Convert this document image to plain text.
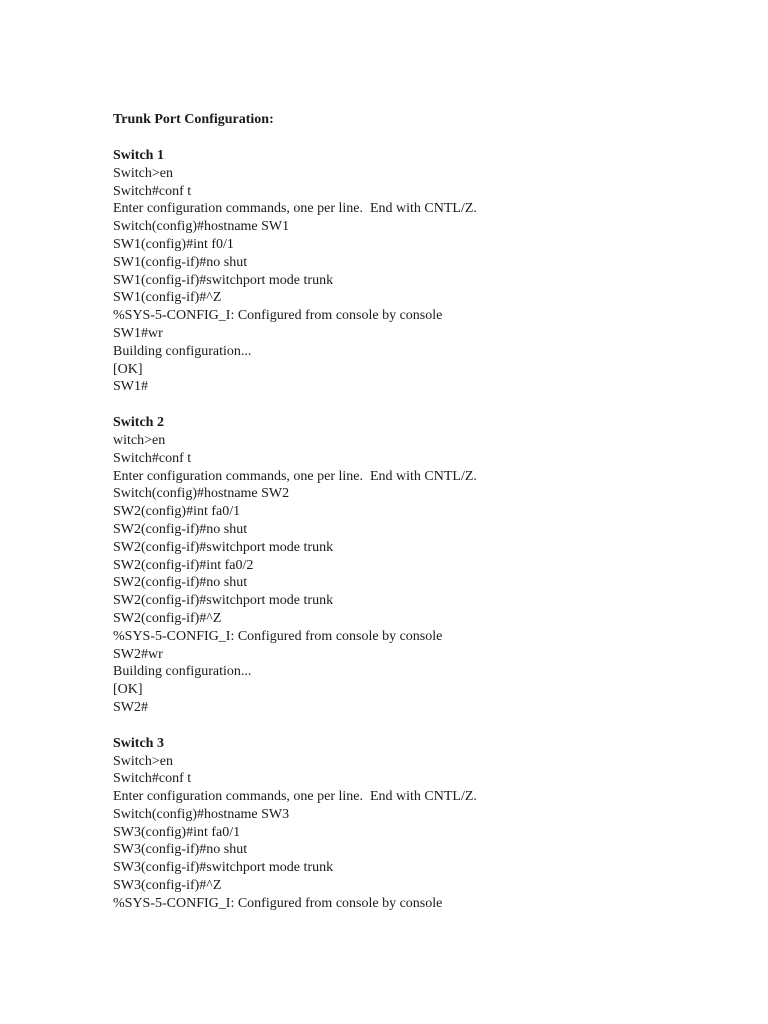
Trunk Port Configuration:
Switch 1
Switch>en
Switch#conf t
Enter configuration commands, one per line.  End with CNTL/Z.
Switch(config)#hostname SW1
SW1(config)#int f0/1
SW1(config-if)#no shut
SW1(config-if)#switchport mode trunk
SW1(config-if)#^Z
%SYS-5-CONFIG_I: Configured from console by console
SW1#wr
Building configuration...
[OK]
SW1#
Switch 2
witch>en
Switch#conf t
Enter configuration commands, one per line.  End with CNTL/Z.
Switch(config)#hostname SW2
SW2(config)#int fa0/1
SW2(config-if)#no shut
SW2(config-if)#switchport mode trunk
SW2(config-if)#int fa0/2
SW2(config-if)#no shut
SW2(config-if)#switchport mode trunk
SW2(config-if)#^Z
%SYS-5-CONFIG_I: Configured from console by console
SW2#wr
Building configuration...
[OK]
SW2#
Switch 3
Switch>en
Switch#conf t
Enter configuration commands, one per line.  End with CNTL/Z.
Switch(config)#hostname SW3
SW3(config)#int fa0/1
SW3(config-if)#no shut
SW3(config-if)#switchport mode trunk
SW3(config-if)#^Z
%SYS-5-CONFIG_I: Configured from console by console
